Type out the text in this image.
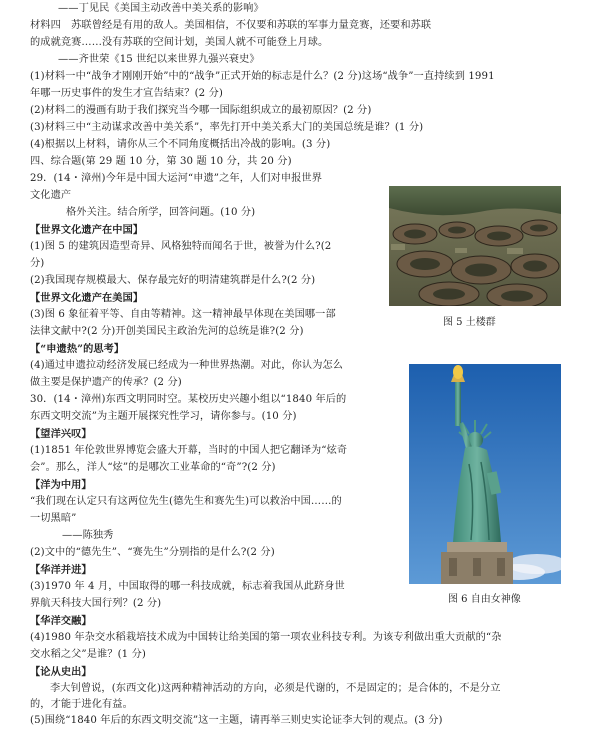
——丁见民《美国主动改善中美关系的影响》
材料四　苏联曾经是有用的敌人。美国相信，不仅要和苏联的军事力量竞赛，还要和苏联
的成就竞赛……没有苏联的空间计划，美国人就不可能登上月球。
——齐世荣《15 世纪以来世界九强兴衰史》
(1)材料一中“战争才刚刚开始”中的“战争”正式开始的标志是什么？(2 分)这场“战争”一直持续到 1991
年哪一历史事件的发生才宣告结束？(2 分)
(2)材料二的漫画有助于我们探究当今哪一国际组织成立的最初原因？(2 分)
(3)材料三中“主动谋求改善中美关系”，率先打开中美关系大门的美国总统是谁？(1 分)
(4)根据以上材料，请你从三个不同角度概括出冷战的影响。(3 分)
四、综合题(第 29 题 10 分，第 30 题 10 分，共 20 分)
29．(14・漳州)今年是中国大运河“申遗”之年，人们对申报世界
文化遗产
格外关注。结合所学，回答问题。(10 分)
【世界文化遗产在中国】
(1)图 5 的建筑因造型奇异、风格独特而闻名于世，被誉为什么?(2
分)
(2)我国现存规模最大、保存最完好的明清建筑群是什么?(2 分)
【世界文化遗产在美国】
(3)图 6 象征着平等、自由等精神。这一精神最早体现在美国哪一部
法律文献中?(2 分)开创美国民主政治先河的总统是谁?(2 分)
【“申遗热”的思考】
(4)通过申遗拉动经济发展已经成为一种世界热潮。对此，你认为怎么
做主要是保护遗产的传承？(2 分)
30．(14・漳州)东西文明同时空。某校历史兴趣小组以“1840 年后的
东西文明交流”为主题开展探究性学习，请你参与。(10 分)
【望洋兴叹】
(1)1851 年伦敦世界博览会盛大开幕，当时的中国人把它翻译为“炫奇
会”。那么，洋人“炫”的是哪次工业革命的“奇”?(2 分)
【洋为中用】
“我们现在认定只有这两位先生(德先生和赛先生)可以救治中国……的
一切黑暗”
——陈独秀
(2)文中的“德先生”、“赛先生”分别指的是什么?(2 分)
【华洋并进】
(3)1970 年 4 月，中国取得的哪一科技成就，标志着我国从此跻身世
界航天科技大国行列？(2 分)
【华洋交融】
(4)1980 年杂交水稻栽培技术成为中国转让给美国的第一项农业科技专利。为该专利做出重大贡献的“杂
交水稻之父”是谁？(1 分)
【论从史出】
李大钊曾说，(东西文化)这两种精神活动的方向，必须是代谢的，不是固定的；是合体的，不是分立
的，才能于进化有益。
(5)围绕“1840 年后的东西文明交流”这一主题，请再举三则史实论证李大钊的观点。(3 分)
图 5 土楼群
图 6 自由女神像
